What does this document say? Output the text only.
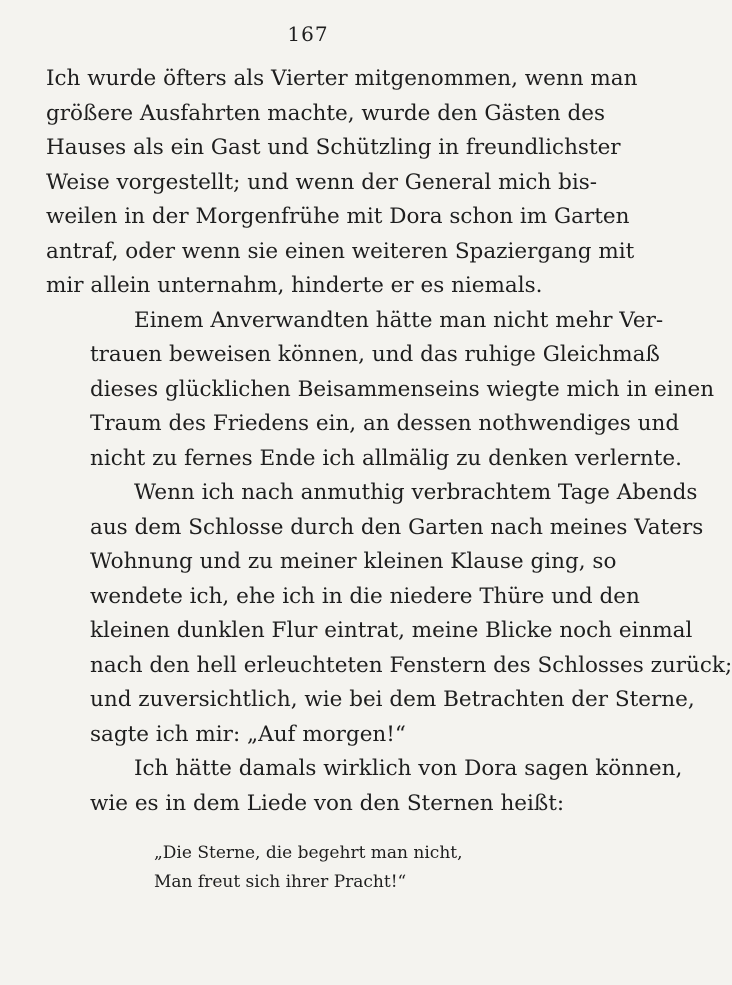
167

Ich wurde öfters als Vierter mitgenommen, wenn man
größere Ausfahrten machte, wurde den Gästen des
Hauses als ein Gast und Schützling in freundlichster
Weise vorgestellt; und wenn der General mich bis-
weilen in der Morgenfrühe mit Dora schon im Garten
antraf, oder wenn sie einen weiteren Spaziergang mit
mir allein unternahm, hinderte er es niemals.

Einem Anverwandten hätte man nicht mehr Ver-
trauen beweisen können, und das ruhige Gleichmaß
dieses glücklichen Beisammenseins wiegte mich in einen
Traum des Friedens ein, an dessen nothwendiges und
nicht zu fernes Ende ich allmälig zu denken verlernte.

Wenn ich nach anmuthig verbrachtem Tage Abends
aus dem Schlosse durch den Garten nach meines Vaters
Wohnung und zu meiner kleinen Klause ging, so
wendete ich, ehe ich in die niedere Thüre und den
kleinen dunklen Flur eintrat, meine Blicke noch einmal
nach den hell erleuchteten Fenstern des Schlosses zurück;
und zuversichtlich, wie bei dem Betrachten der Sterne,
sagte ich mir: „Auf morgen!“

Ich hätte damals wirklich von Dora sagen können,
wie es in dem Liede von den Sternen heißt:

„Die Sterne, die begehrt man nicht,
Man freut sich ihrer Pracht!“
